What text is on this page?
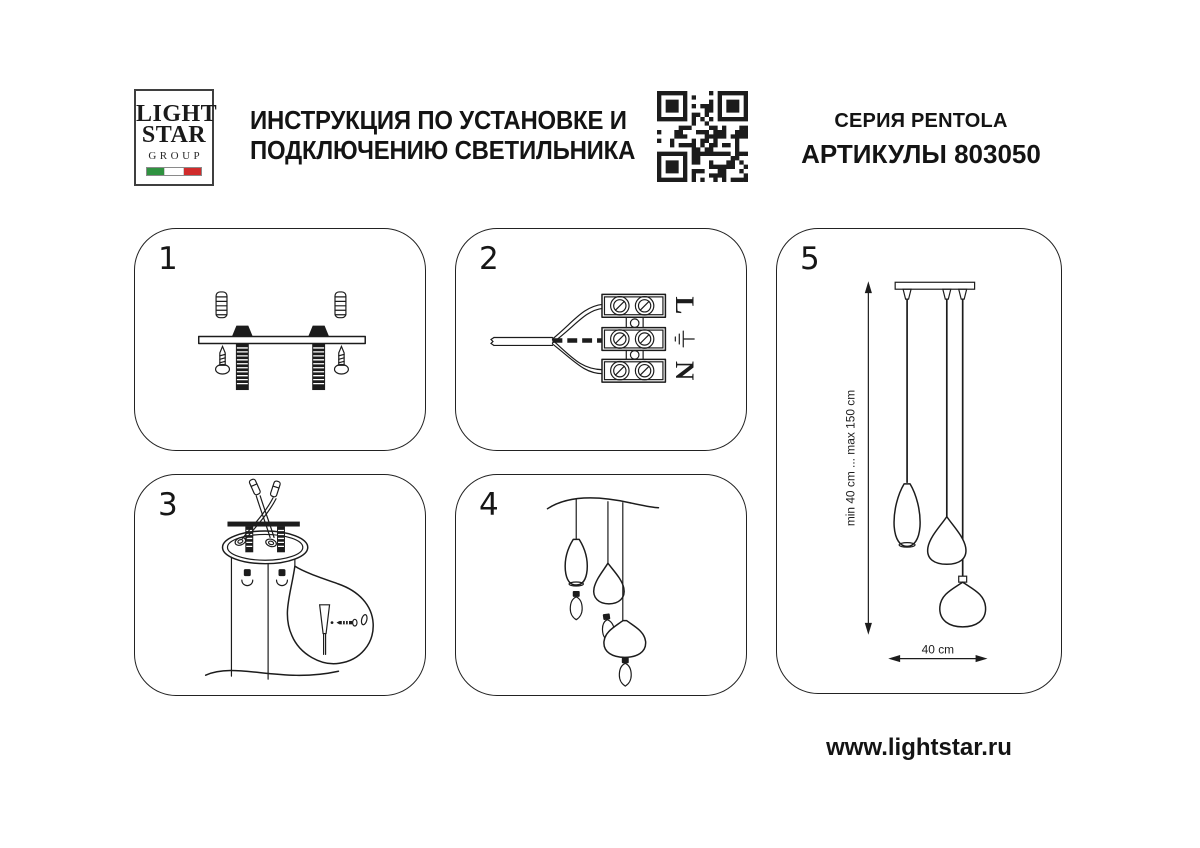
LIGHT
STAR
GROUP
ИНСТРУКЦИЯ ПО УСТАНОВКЕ И
ПОДКЛЮЧЕНИЮ СВЕТИЛЬНИКА
СЕРИЯ PENTOLA
АРТИКУЛЫ 803050
1	2
L
N
3	4
5
min 40 cm ... max 150 cm
40 cm
www.lightstar.ru
